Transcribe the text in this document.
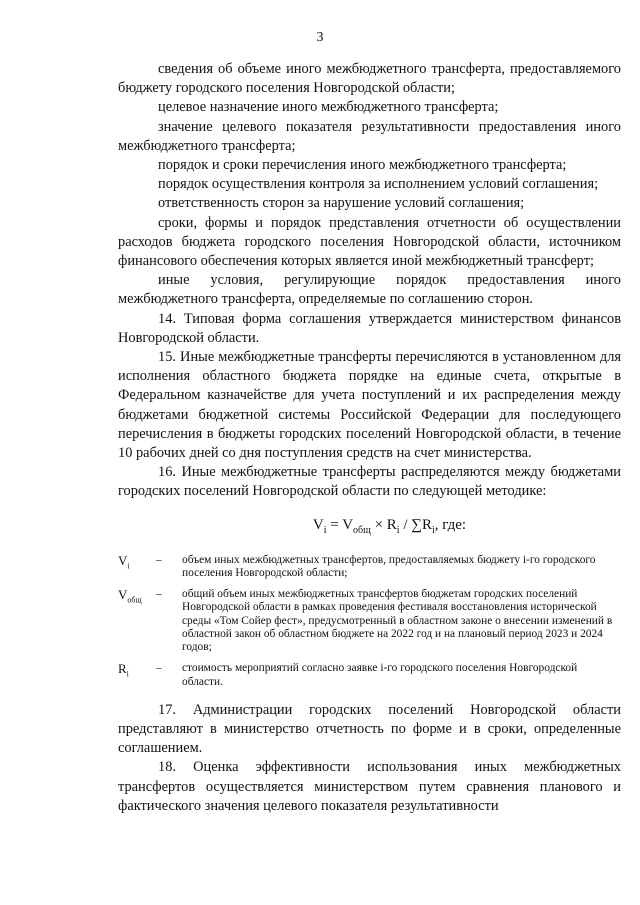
3

сведения об объеме иного межбюджетного трансферта, предоставляемого бюджету городского поселения Новгородской области;

целевое назначение иного межбюджетного трансферта;

значение целевого показателя результативности предоставления иного межбюджетного трансферта;

порядок и сроки перечисления иного межбюджетного трансферта;

порядок осуществления контроля за исполнением условий соглашения;

ответственность сторон за нарушение условий соглашения;

сроки, формы и порядок представления отчетности об осуществлении расходов бюджета городского поселения Новгородской области, источником финансового обеспечения которых является иной межбюджетный трансферт;

иные условия, регулирующие порядок предоставления иного межбюджетного трансферта, определяемые по соглашению сторон.

14. Типовая форма соглашения утверждается министерством финансов Новгородской области.

15. Иные межбюджетные трансферты перечисляются в установленном для исполнения областного бюджета порядке на единые счета, открытые в Федеральном казначействе для учета поступлений и их распределения между бюджетами бюджетной системы Российской Федерации для последующего перечисления в бюджеты городских поселений Новгородской области, в течение 10 рабочих дней со дня поступления средств на счет министерства.

16. Иные межбюджетные трансферты распределяются между бюджетами городских поселений Новгородской области по следующей методике:

$V_i = V_{общ} \times R_i / \sum R_i$, где:
$V_i$
–	объем иных межбюджетных трансфертов, предоставляемых бюджету i-го городского поселения Новгородской области;
$V_{общ}$
–	общий объем иных межбюджетных трансфертов бюджетам городских поселений Новгородской области в рамках проведения фестиваля восстановления исторической среды «Том Сойер фест», предусмотренный в областном законе о внесении изменений в областной закон об областном бюджете на 2022 год и на плановый период 2023 и 2024 годов;
$R_i$
–	стоимость мероприятий согласно заявке i-го городского поселения Новгородской области.

17. Администрации городских поселений Новгородской области представляют в министерство отчетность по форме и в сроки, определенные соглашением.

18. Оценка эффективности использования иных межбюджетных трансфертов осуществляется министерством путем сравнения планового и фактического значения целевого показателя результативности
